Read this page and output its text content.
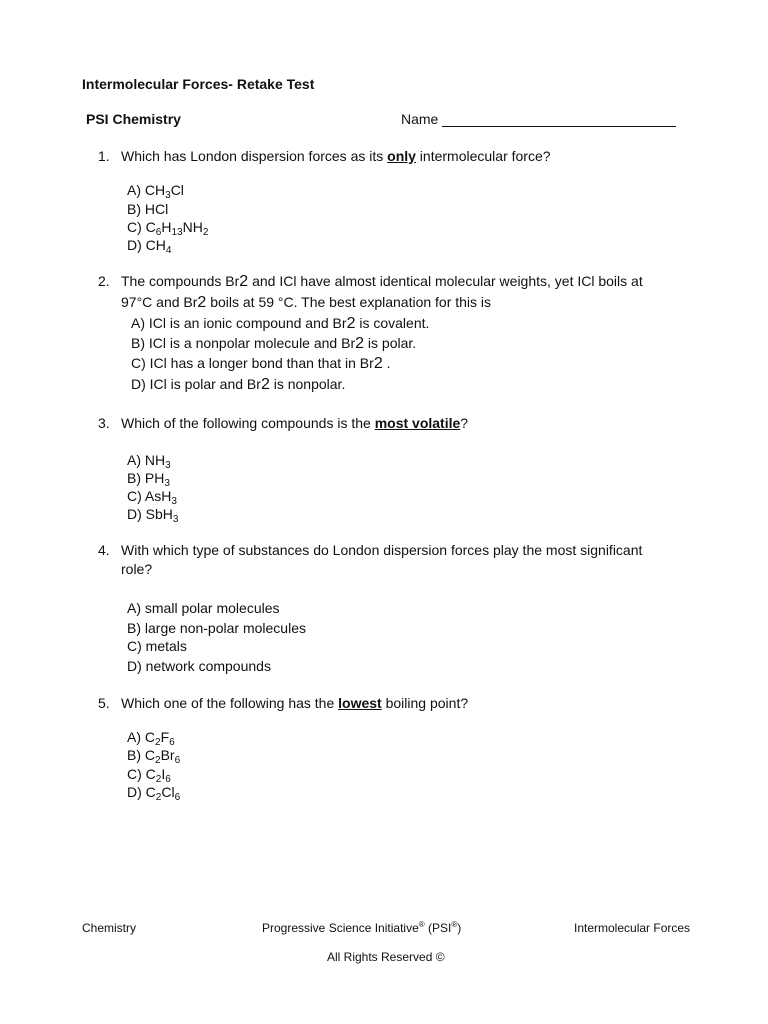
Intermolecular Forces- Retake Test
PSI Chemistry	Name
1. Which has London dispersion forces as its only intermolecular force?
A) $CH_3Cl$
B) HCl
C) $C_6H_{13}NH_2$
D) $CH_4$
2. The compounds Br2 and ICl have almost identical molecular weights, yet ICl boils at
97°C and Br2 boils at 59 °C. The best explanation for this is
A) ICl is an ionic compound and Br2 is covalent.
B) ICl is a nonpolar molecule and Br2 is polar.
C) ICl has a longer bond than that in Br2 .
D) ICl is polar and Br2 is nonpolar.
3. Which of the following compounds is the most volatile?
A) $NH_3$
B) $PH_3$
C) AsH$_3$
D) SbH$_3$
4. With which type of substances do London dispersion forces play the most significant
role?
A) small polar molecules
B) large non-polar molecules
C) metals
D) network compounds
5. Which one of the following has the lowest boiling point?
A) $C_2F_6$
B) $C_2Br_6$
C) $C_2I_6$
D) $C_2Cl_6$
Chemistry	Progressive Science Initiative® (PSI®)	Intermolecular Forces
All Rights Reserved ©
